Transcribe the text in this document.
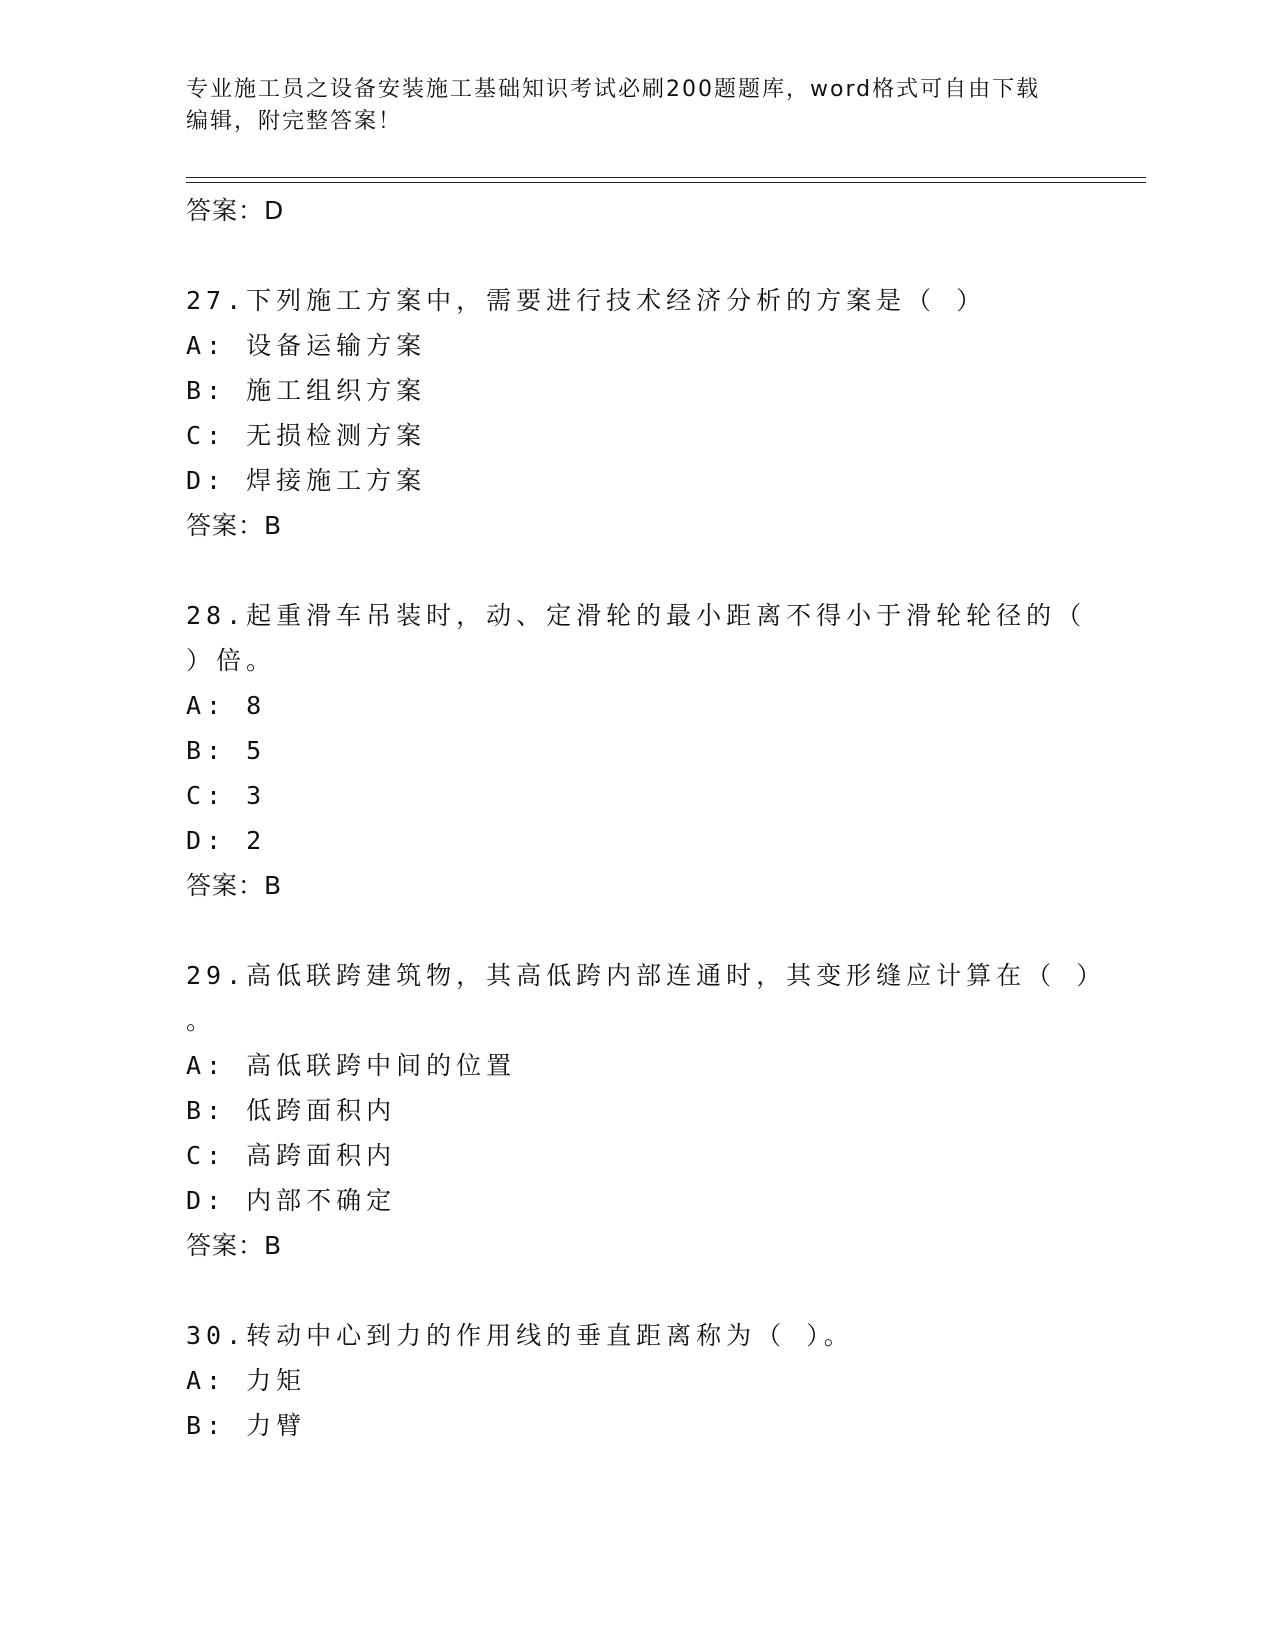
专业施工员之设备安装施工基础知识考试必刷200题题库，word格式可自由下载

编辑，附完整答案！

答案：D
27.下列施工方案中，需要进行技术经济分析的方案是（ ）
A: 设备运输方案
B: 施工组织方案
C: 无损检测方案
D: 焊接施工方案
答案：B
28.起重滑车吊装时，动、定滑轮的最小距离不得小于滑轮轮径的（
）倍。
A: 8
B: 5
C: 3
D: 2
答案：B
29.高低联跨建筑物，其高低跨内部连通时，其变形缝应计算在（ ）
。
A: 高低联跨中间的位置
B: 低跨面积内
C: 高跨面积内
D: 内部不确定
答案：B
30.转动中心到力的作用线的垂直距离称为（ ）。
A: 力矩
B: 力臂
